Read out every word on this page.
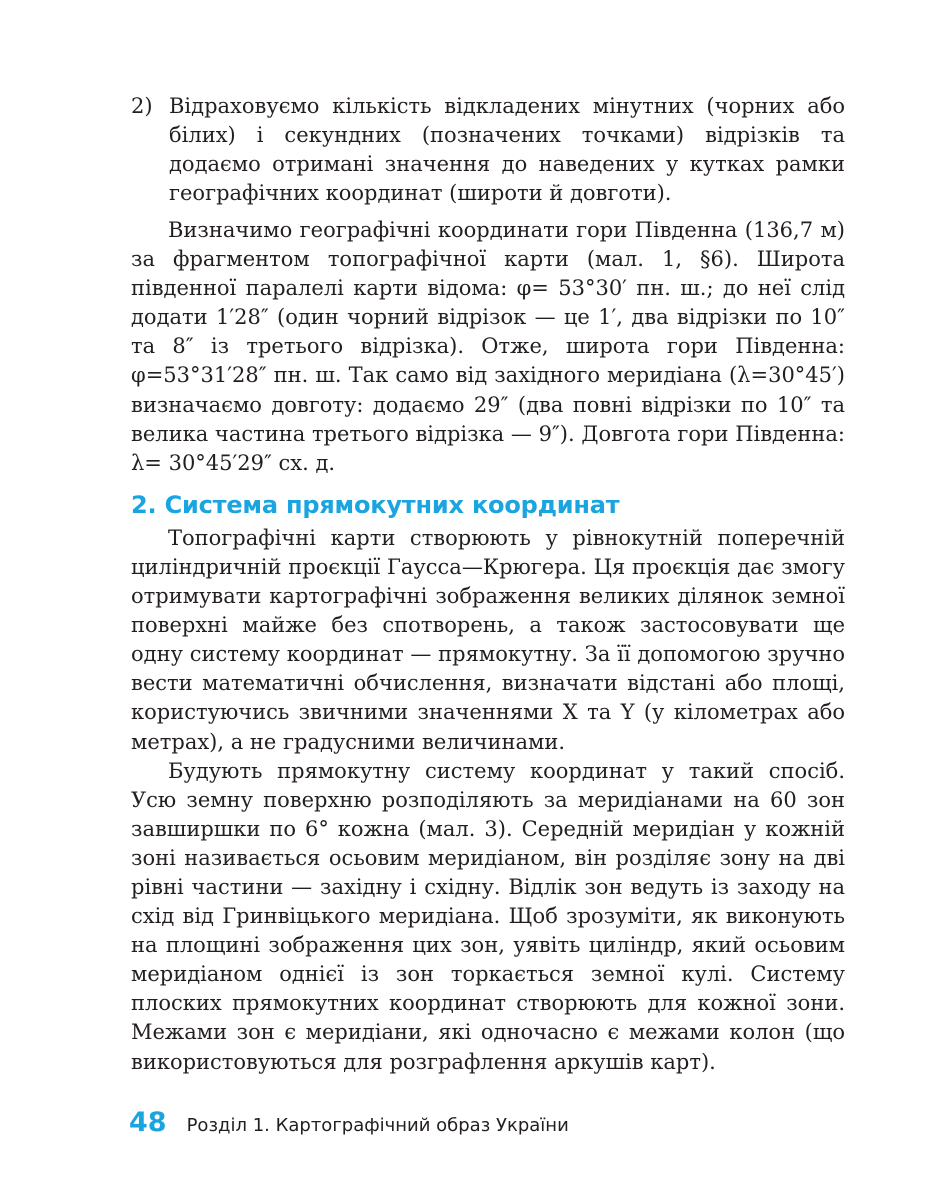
2) Відраховуємо кількість відкладених мінутних (чорних або білих) і секундних (позначених точками) відрізків та додаємо отримані значення до наведених у кутках рамки географічних координат (широти й довготи).

Визначимо географічні координати гори Південна (136,7 м) за фрагментом топографічної карти (мал. 1, §6). Широта південної паралелі карти відома: φ= 53°30′ пн. ш.; до неї слід додати 1′28″ (один чорний відрізок — це 1′, два відрізки по 10″ та 8″ із третього відрізка). Отже, широта гори Південна: φ=53°31′28″ пн. ш. Так само від західного меридіана (λ=30°45′) визначаємо довготу: додаємо 29″ (два повні відрізки по 10″ та велика частина третього відрізка — 9″). Довгота гори Південна: λ= 30°45′29″ сх. д.

2. Система прямокутних координат

Топографічні карти створюють у рівнокутній поперечній циліндричній проєкції Гаусса—Крюгера. Ця проєкція дає змогу отримувати картографічні зображення великих ділянок земної поверхні майже без спотворень, а також застосовувати ще одну систему координат — прямокутну. За її допомогою зручно вести математичні обчислення, визначати відстані або площі, користуючись звичними значеннями X та Y (у кілометрах або метрах), а не градусними величинами.

Будують прямокутну систему координат у такий спосіб. Усю земну поверхню розподіляють за меридіанами на 60 зон завширшки по 6° кожна (мал. 3). Середній меридіан у кожній зоні називається осьовим меридіаном, він розділяє зону на дві рівні частини — західну і східну. Відлік зон ведуть із заходу на схід від Гринвіцького меридіана. Щоб зрозуміти, як виконують на площині зображення цих зон, уявіть циліндр, який осьовим меридіаном однієї із зон торкається земної кулі. Систему плоских прямокутних координат створюють для кожної зони. Межами зон є меридіани, які одночасно є межами колон (що використовуються для розграфлення аркушів карт).

48 Розділ 1. Картографічний образ України
